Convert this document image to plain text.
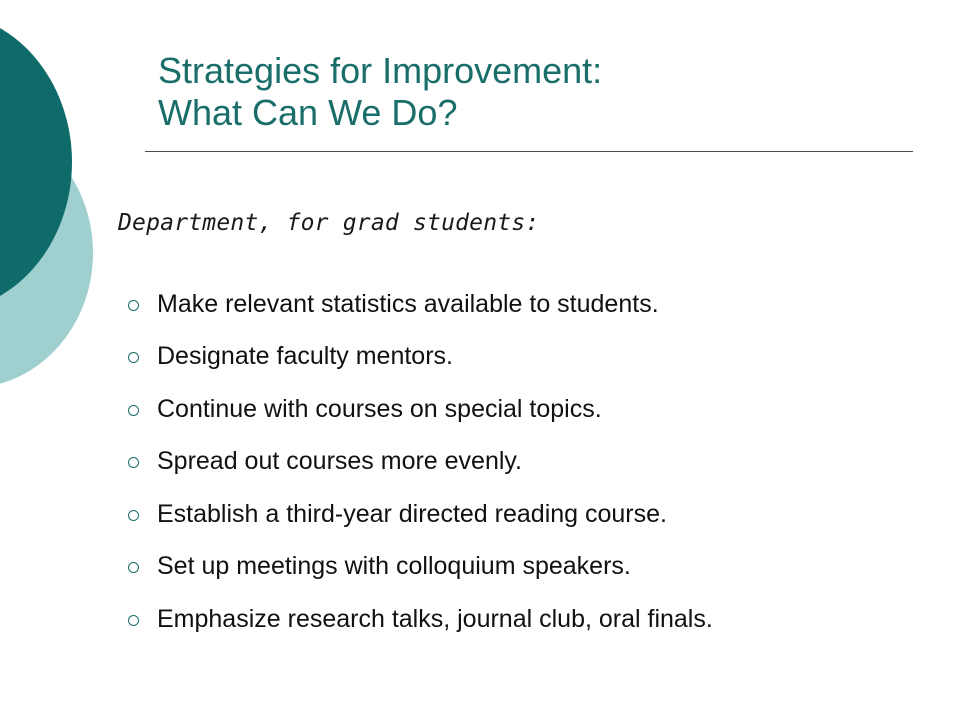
Strategies for Improvement:
What Can We Do?
Department, for grad students:
Make relevant statistics available to students.
Designate faculty mentors.
Continue with courses on special topics.
Spread out courses more evenly.
Establish a third-year directed reading course.
Set up meetings with colloquium speakers.
Emphasize research talks, journal club, oral finals.
